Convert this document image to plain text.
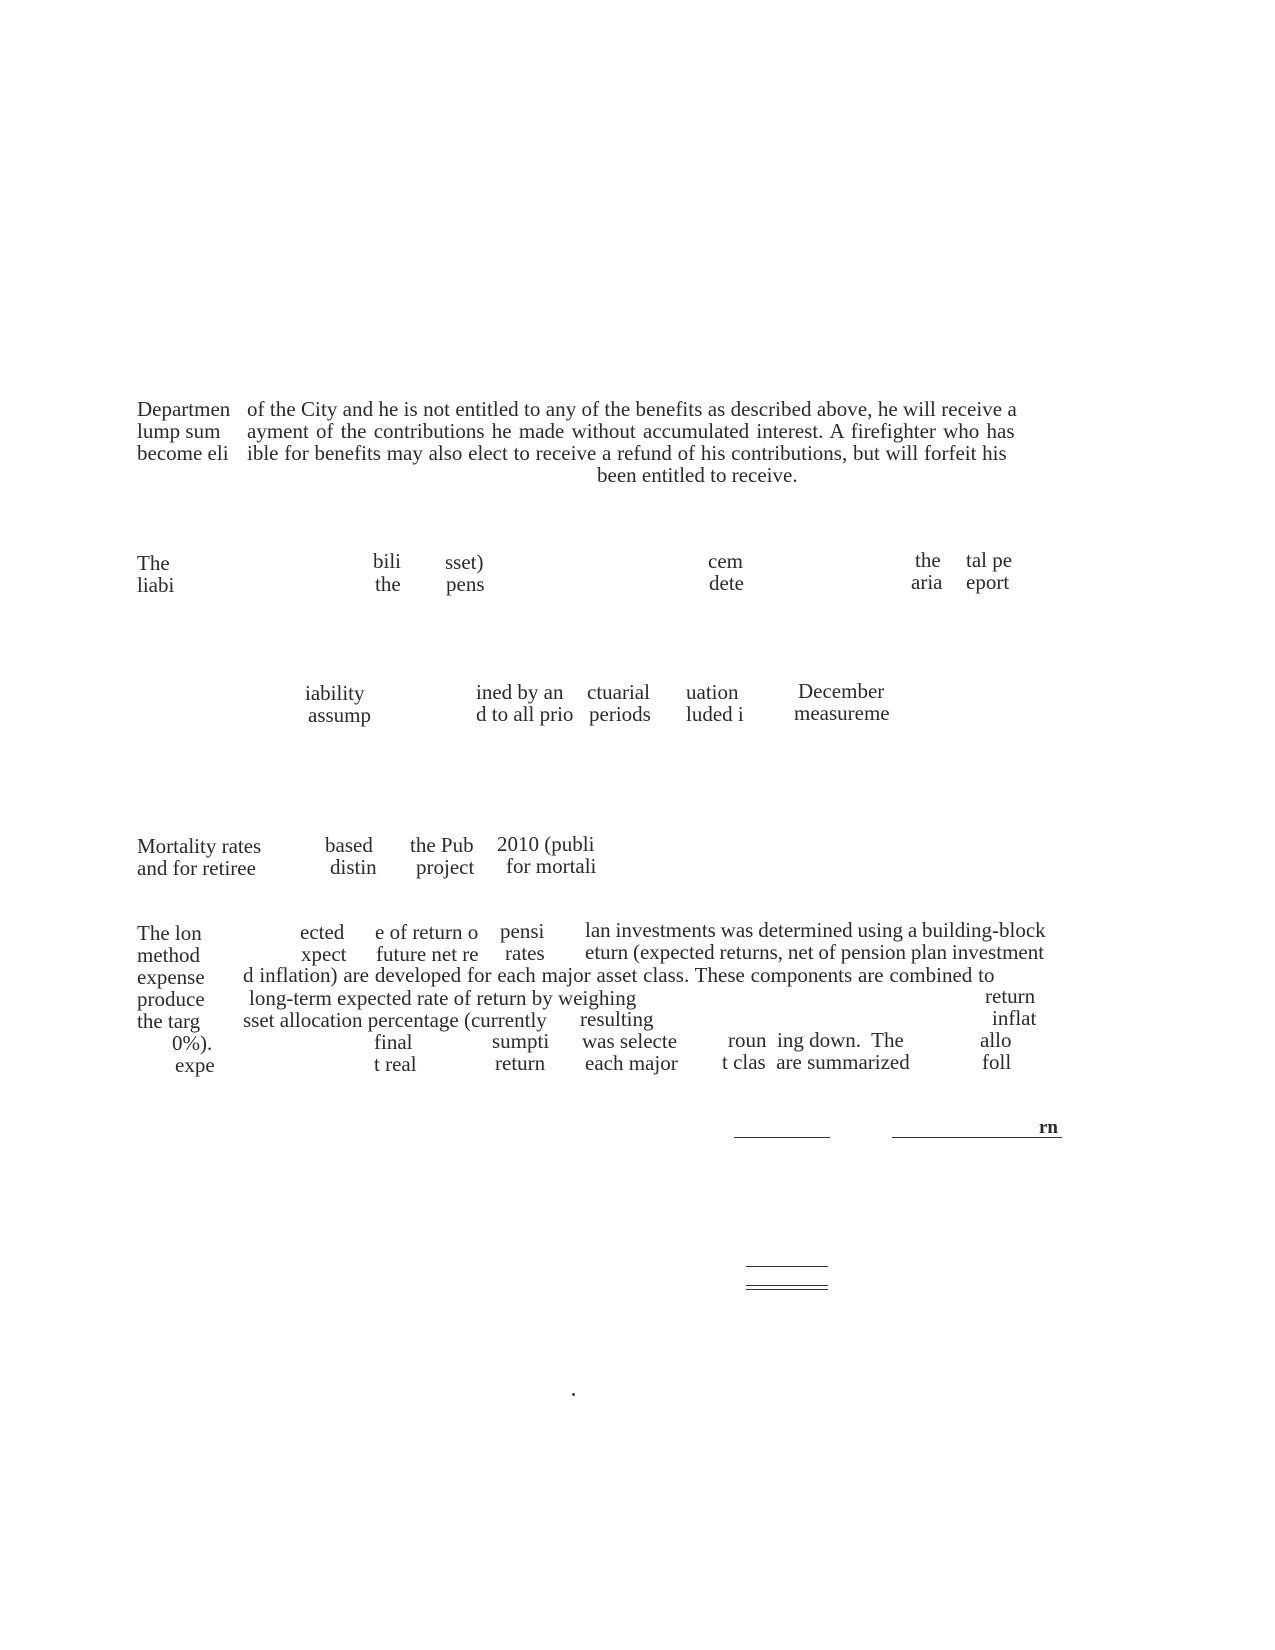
Departmen
lump sum
become eli
of the City and he is not entitled to any of the benefits as described above, he will receive a
ayment of the contributions he made without accumulated interest. A firefighter who has
ible for benefits may also elect to receive a refund of his contributions, but will forfeit his
been entitled to receive.
The	bili sset)	cem	the tal pe
liabi	the pens	dete	aria eport
iability	ined by an ctuarial uation	December
assump	d to all prio periods luded i measureme
Mortality rates	based the Pub 2010 (publi
and for retiree	distin project for mortali
The lon	ected e of return o pensi lan investments was determined using a building-block
method	xpect future net re rates eturn (expected returns, net of pension plan investment
expense d inflation) are developed for each major asset class. These components are combined to
produce long-term expected rate of return by weighing	return
the targ sset allocation percentage (currently resulting	inflat
0%).	final	sumpti was selecte roun  ing down.  The	allo
expe	t real	return each major t clas  are summarized	foll
rn
